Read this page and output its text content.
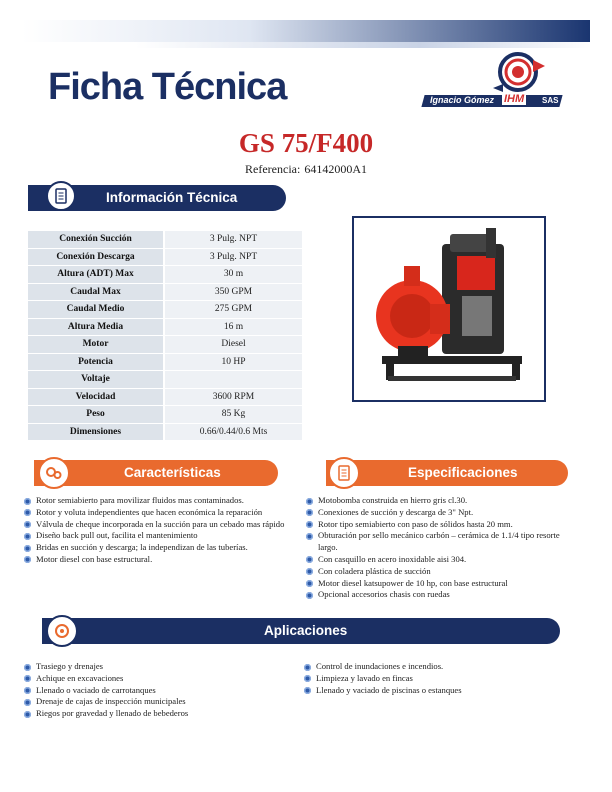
Ficha Técnica	Ignacio Gómez IHM SAS
GS 75/F400
Referencia: 64142000A1
Información Técnica
Conexión Succión	3 Pulg. NPT
Conexión Descarga	3 Pulg. NPT
Altura (ADT) Max	30 m
Caudal Max	350 GPM
Caudal Medio	275 GPM
Altura Media	16 m
Motor	Diesel
Potencia	10 HP
Voltaje	
Velocidad	3600 RPM
Peso	85 Kg
Dimensiones	0.66/0.44/0.6 Mts
Características	Especificaciones
Rotor semiabierto para movilizar fluidos mas contaminados.
Rotor y voluta independientes que hacen económica la reparación
Válvula de cheque incorporada en la succión para un cebado mas rápido
Diseño back pull out, facilita el mantenimiento
Bridas en succión y descarga; la independizan de las tuberías.
Motor diesel con base estructural.
Motobomba construida en hierro gris cl.30.
Conexiones de succión y descarga de 3" Npt.
Rotor tipo semiabierto con paso de sólidos hasta 20 mm.
Obturación por sello mecánico carbón – cerámica de 1.1/4 tipo resorte largo.
Con casquillo en acero inoxidable aisi 304.
Con coladera plástica de succión
Motor diesel katsupower de 10 hp, con base estructural
Opcional accesorios chasis con ruedas
Aplicaciones
Trasiego y drenajes
Achique en excavaciones
Llenado o vaciado de carrotanques
Drenaje de cajas de inspección municipales
Riegos por gravedad y llenado de bebederos
Control de inundaciones e incendios.
Limpieza y lavado en fincas
Llenado y vaciado de piscinas o estanques
